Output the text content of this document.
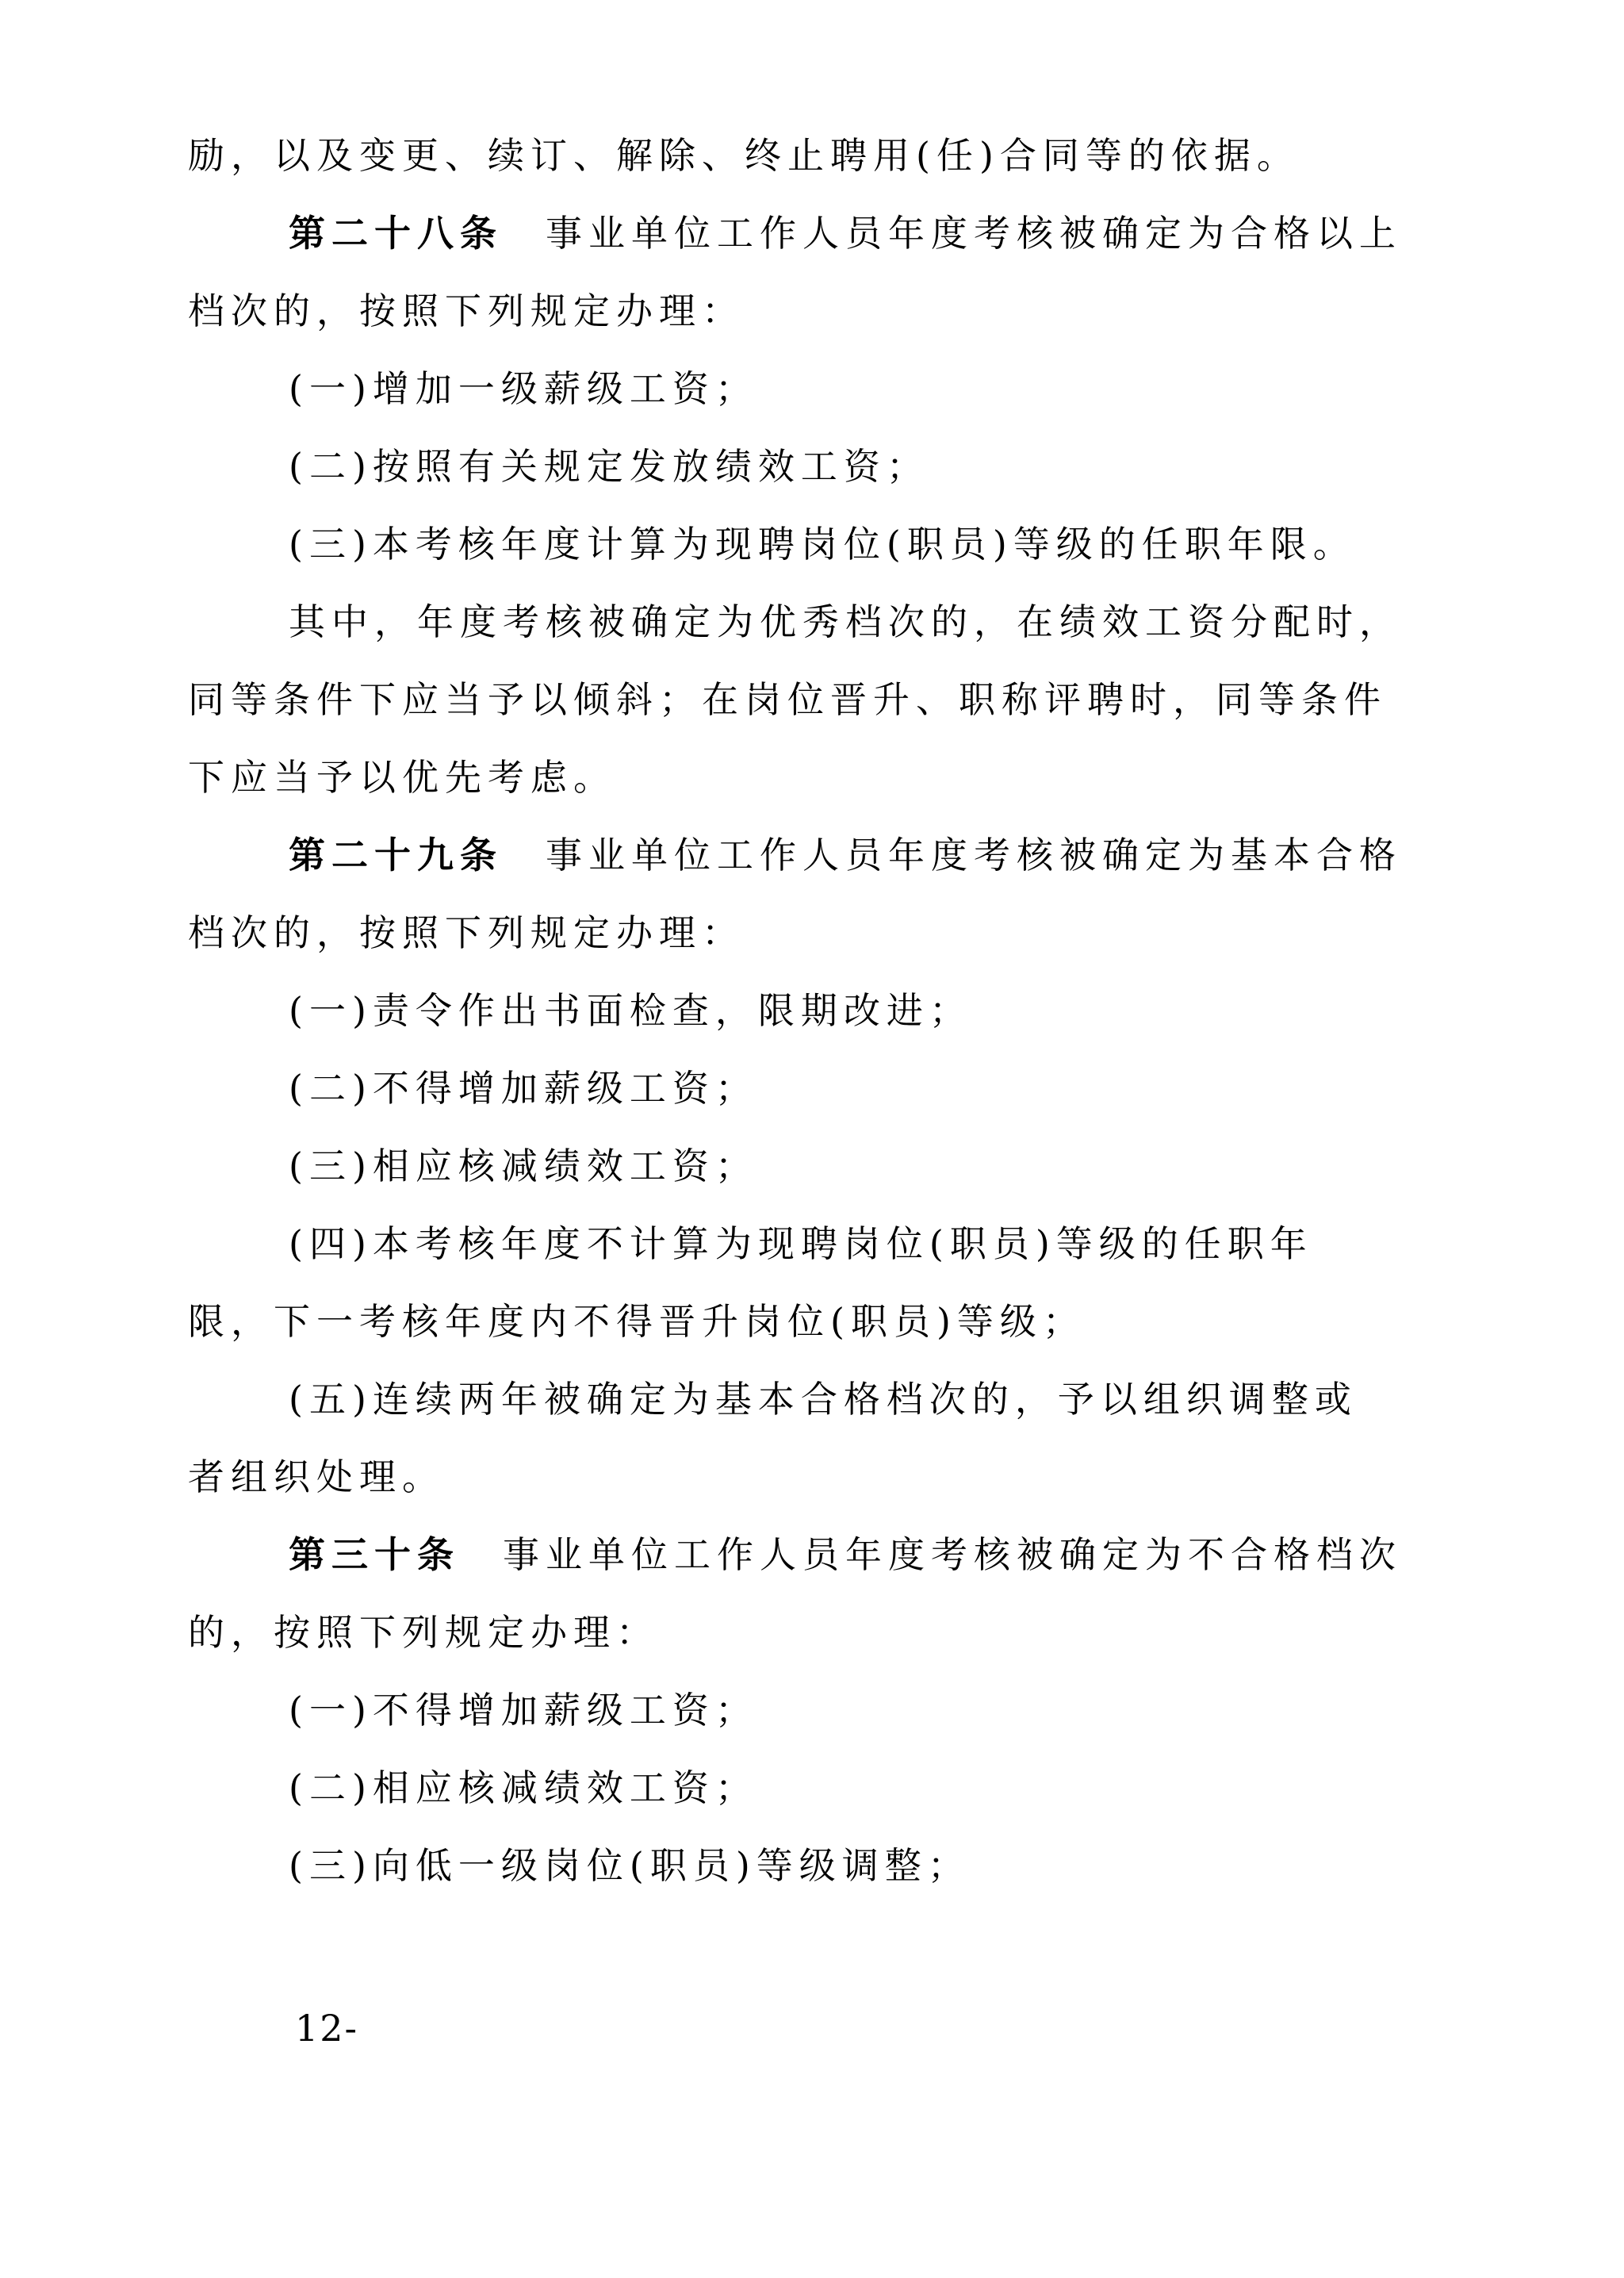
励，以及变更、续订、解除、终止聘用(任)合同等的依据。
第二十八条　事业单位工作人员年度考核被确定为合格以上
档次的，按照下列规定办理：
(一)增加一级薪级工资；
(二)按照有关规定发放绩效工资；
(三)本考核年度计算为现聘岗位(职员)等级的任职年限。
其中，年度考核被确定为优秀档次的，在绩效工资分配时，
同等条件下应当予以倾斜；在岗位晋升、职称评聘时，同等条件
下应当予以优先考虑。
第二十九条　事业单位工作人员年度考核被确定为基本合格
档次的，按照下列规定办理：
(一)责令作出书面检查，限期改进；
(二)不得增加薪级工资；
(三)相应核减绩效工资；
(四)本考核年度不计算为现聘岗位(职员)等级的任职年
限，下一考核年度内不得晋升岗位(职员)等级；
(五)连续两年被确定为基本合格档次的，予以组织调整或
者组织处理。
第三十条　事业单位工作人员年度考核被确定为不合格档次
的，按照下列规定办理：
(一)不得增加薪级工资；
(二)相应核减绩效工资；
(三)向低一级岗位(职员)等级调整；
12-
